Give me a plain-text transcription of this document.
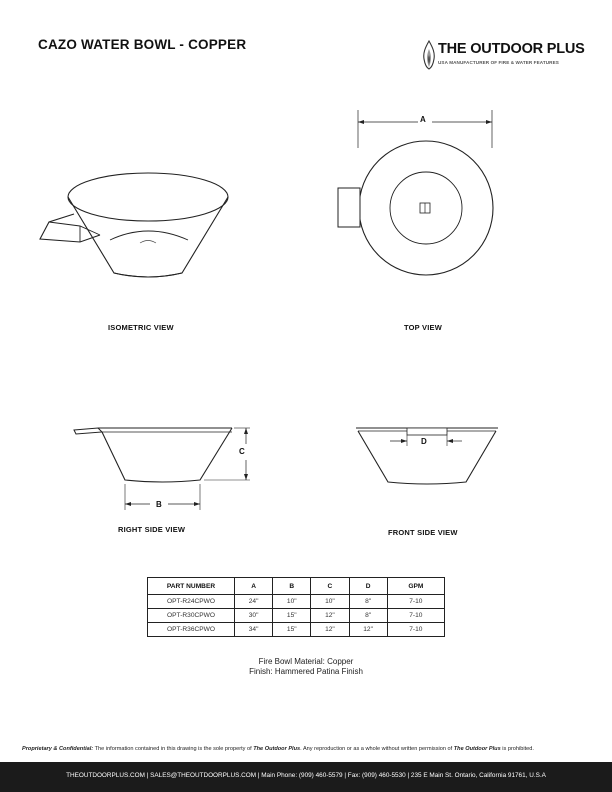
CAZO WATER BOWL - COPPER	THE OUTDOOR PLUS
USA MANUFACTURER OF FIRE & WATER FEATURES
ISOMETRIC VIEW
A
TOP VIEW
C
B
RIGHT SIDE VIEW
D
FRONT SIDE VIEW
PART NUMBER	A	B	C	D	GPM
OPT-R24CPWO	24"	10"	10"	8"	7-10
OPT-R30CPWO	30"	15"	12"	8"	7-10
OPT-R36CPWO	34"	15"	12"	12"	7-10
Fire Bowl Material: Copper
Finish: Hammered Patina Finish
Proprietary & Confidential: The information contained in this drawing is the sole property of The Outdoor Plus. Any reproduction or as a whole without written permission of The Outdoor Plus is prohibited.
THEOUTDOORPLUS.COM | SALES@THEOUTDOORPLUS.COM | Main Phone: (909) 460-5579 | Fax: (909) 460-5530 | 235 E Main St. Ontario, California 91761, U.S.A
